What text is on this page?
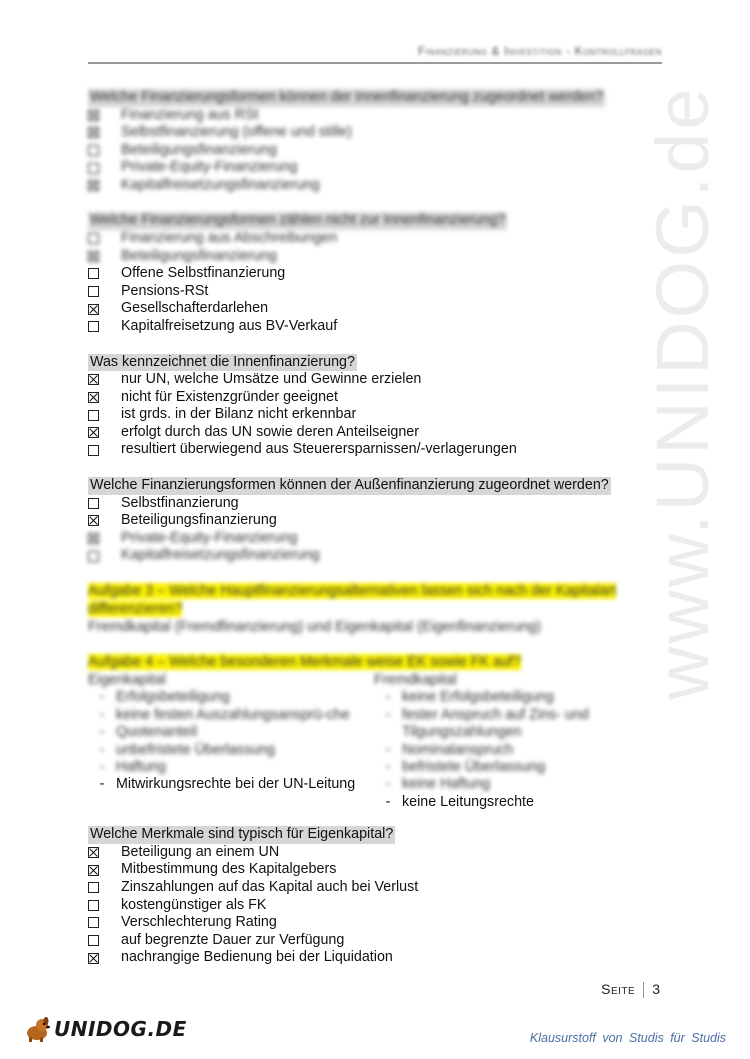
www.UNIDOG.de
Finanzierung & Investition - Kontrollfragen
Welche Finanzierungsformen können der Innenfinanzierung zugeordnet werden?
Finanzierung aus RSt
Selbstfinanzierung (offene und stille)
Beteiligungsfinanzierung
Private-Equity-Finanzierung
Kapitalfreisetzungsfinanzierung
Welche Finanzierungsformen zählen nicht zur Innenfinanzierung?
Finanzierung aus Abschreibungen
Beteiligungsfinanzierung
Offene Selbstfinanzierung
Pensions-RSt
Gesellschafterdarlehen
Kapitalfreisetzung aus BV-Verkauf
Was kennzeichnet die Innenfinanzierung?
nur UN, welche Umsätze und Gewinne erzielen
nicht für Existenzgründer geeignet
ist grds. in der Bilanz nicht erkennbar
erfolgt durch das UN sowie deren Anteilseigner
resultiert überwiegend aus Steuerersparnissen/-verlagerungen
Welche Finanzierungsformen können der Außenfinanzierung zugeordnet werden?
Selbstfinanzierung
Beteiligungsfinanzierung
Private-Equity-Finanzierung
Kapitalfreisetzungsfinanzierung
Aufgabe 3 – Welche Hauptfinanzierungsalternativen lassen sich nach der Kapitalart differenzieren?
Fremdkapital (Fremdfinanzierung) und Eigenkapital (Eigenfinanzierung)
Aufgabe 4 – Welche besonderen Merkmale weise EK sowie FK auf?
Eigenkapital
- Erfolgsbeteiligung
- keine festen Auszahlungsansprü-che
- Quotenanteil
- unbefristete Überlassung
- Haftung
- Mitwirkungsrechte bei der UN-Leitung
Fremdkapital
- keine Erfolgsbeteiligung
- fester Anspruch auf Zins- und Tilgungszahlungen
- Nominalanspruch
- befristete Überlassung
- keine Haftung
- keine Leitungsrechte
Welche Merkmale sind typisch für Eigenkapital?
Beteiligung an einem UN
Mitbestimmung des Kapitalgebers
Zinszahlungen auf das Kapital auch bei Verlust
kostengünstiger als FK
Verschlechterung Rating
auf begrenzte Dauer zur Verfügung
nachrangige Bedienung bei der Liquidation
Seite 3
UNIDOG.DE	Klausurstoff von Studis für Studis
